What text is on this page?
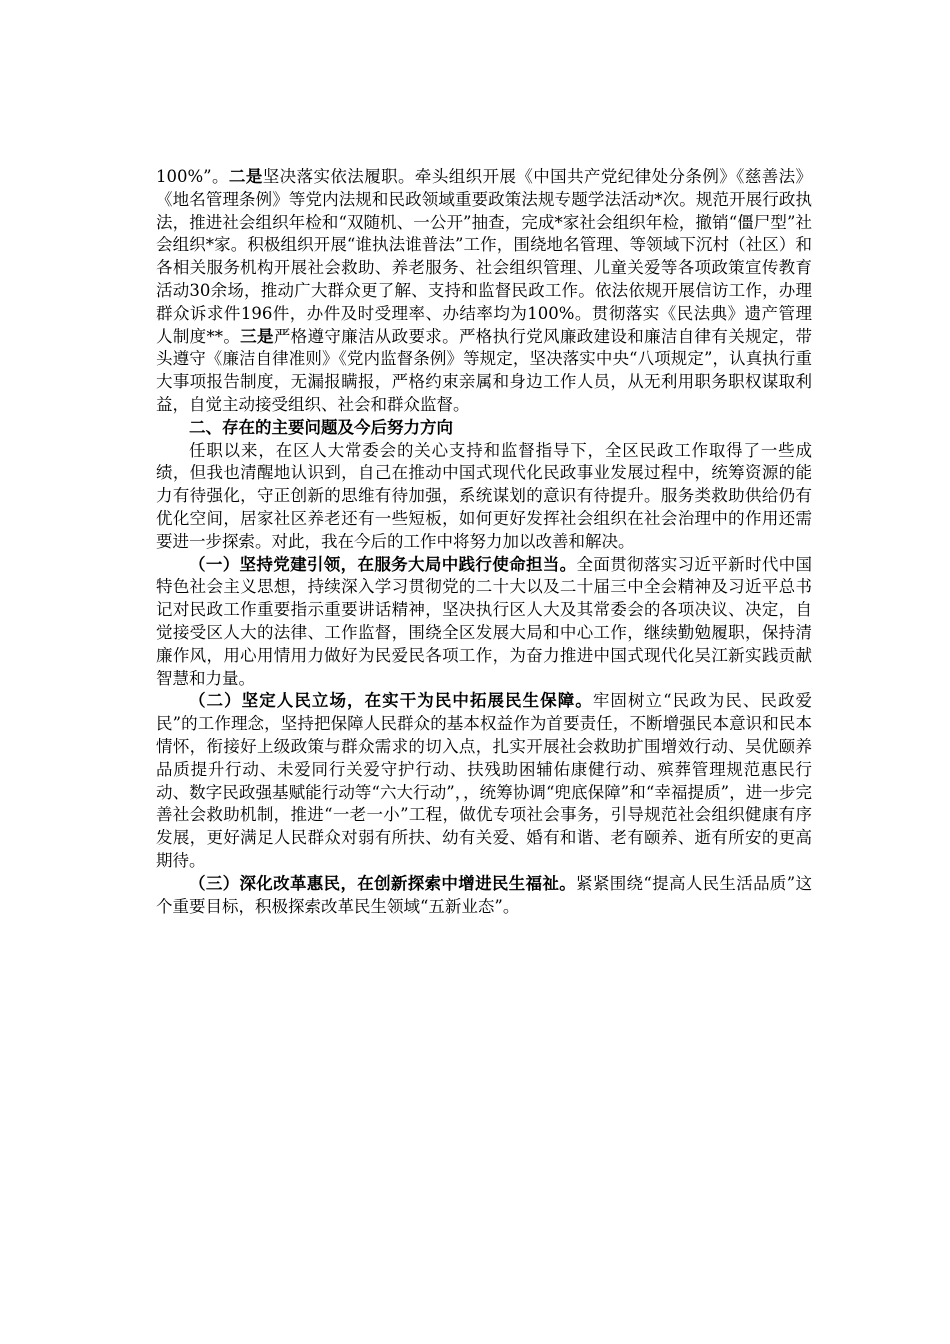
100%”。二是坚决落实依法履职。牵头组织开展《中国共产党纪律处分条例》《慈善法》《地名管理条例》等党内法规和民政领域重要政策法规专题学法活动*次。规范开展行政执法，推进社会组织年检和“双随机、一公开”抽查，完成*家社会组织年检，撤销“僵尸型”社会组织*家。积极组织开展“谁执法谁普法”工作，围绕地名管理、等领域下沉村（社区）和各相关服务机构开展社会救助、养老服务、社会组织管理、儿童关爱等各项政策宣传教育活动30余场，推动广大群众更了解、支持和监督民政工作。依法依规开展信访工作，办理群众诉求件196件，办件及时受理率、办结率均为100%。贯彻落实《民法典》遗产管理人制度**。三是严格遵守廉洁从政要求。严格执行党风廉政建设和廉洁自律有关规定，带头遵守《廉洁自律准则》《党内监督条例》等规定，坚决落实中央“八项规定”，认真执行重大事项报告制度，无漏报瞒报，严格约束亲属和身边工作人员，从无利用职务职权谋取利益，自觉主动接受组织、社会和群众监督。

二、存在的主要问题及今后努力方向

任职以来，在区人大常委会的关心支持和监督指导下，全区民政工作取得了一些成绩，但我也清醒地认识到，自己在推动中国式现代化民政事业发展过程中，统筹资源的能力有待强化，守正创新的思维有待加强，系统谋划的意识有待提升。服务类救助供给仍有优化空间，居家社区养老还有一些短板，如何更好发挥社会组织在社会治理中的作用还需要进一步探索。对此，我在今后的工作中将努力加以改善和解决。

（一）坚持党建引领，在服务大局中践行使命担当。全面贯彻落实习近平新时代中国特色社会主义思想，持续深入学习贯彻党的二十大以及二十届三中全会精神及习近平总书记对民政工作重要指示重要讲话精神，坚决执行区人大及其常委会的各项决议、决定，自觉接受区人大的法律、工作监督，围绕全区发展大局和中心工作，继续勤勉履职，保持清廉作风，用心用情用力做好为民爱民各项工作，为奋力推进中国式现代化吴江新实践贡献智慧和力量。

（二）坚定人民立场，在实干为民中拓展民生保障。牢固树立“民政为民、民政爱民”的工作理念，坚持把保障人民群众的基本权益作为首要责任，不断增强民本意识和民本情怀，衔接好上级政策与群众需求的切入点，扎实开展社会救助扩围增效行动、吴优颐养品质提升行动、未爱同行关爱守护行动、扶残助困辅佑康健行动、殡葬管理规范惠民行动、数字民政强基赋能行动等“六大行动”，，统筹协调“兜底保障”和“幸福提质”，进一步完善社会救助机制，推进“一老一小”工程，做优专项社会事务，引导规范社会组织健康有序发展，更好满足人民群众对弱有所扶、幼有关爱、婚有和谐、老有颐养、逝有所安的更高期待。

（三）深化改革惠民，在创新探索中增进民生福祉。紧紧围绕“提高人民生活品质”这个重要目标，积极探索改革民生领域“五新业态”。
